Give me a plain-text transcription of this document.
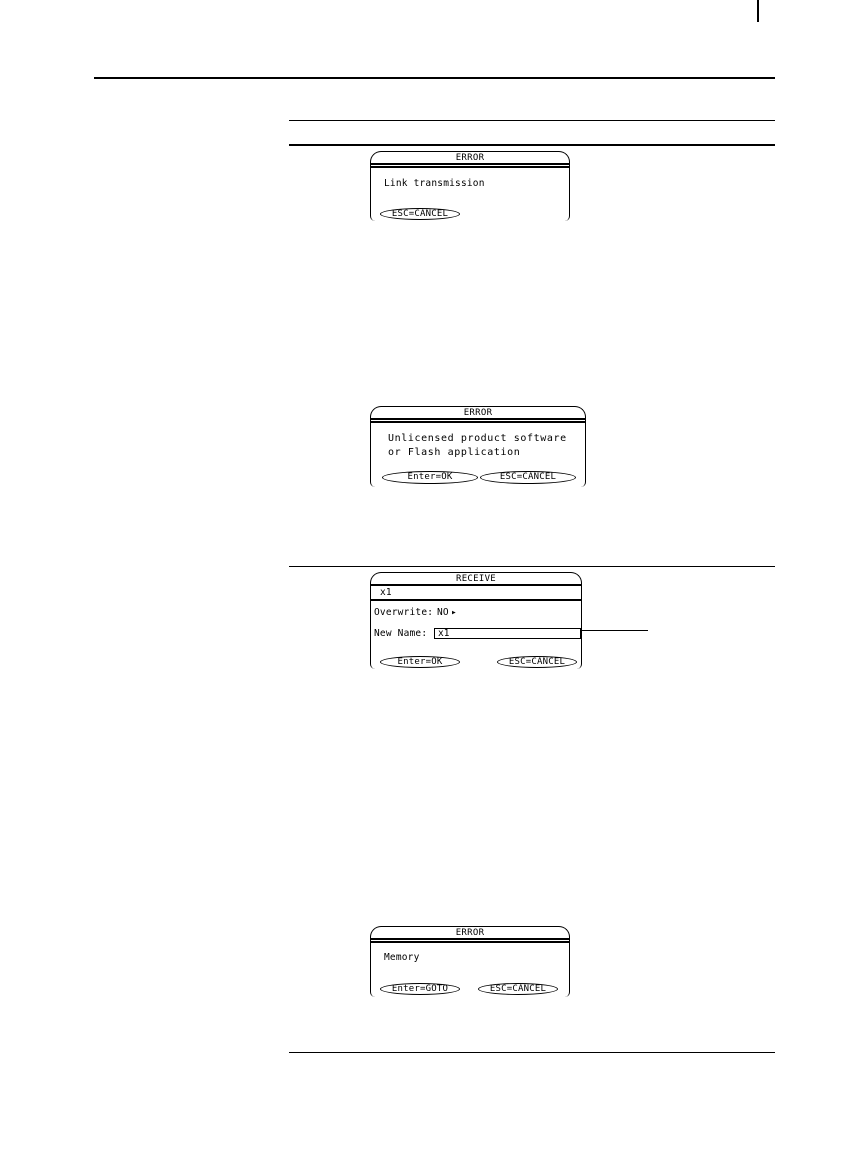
ERROR
Link transmission
ESC=CANCEL
ERROR
Unlicensed product software
or Flash application
Enter=OK	ESC=CANCEL
RECEIVE
x1
Overwrite: NO ▸
New Name:	x1
Enter=OK	ESC=CANCEL
ERROR
Memory
Enter=GOTO	ESC=CANCEL
